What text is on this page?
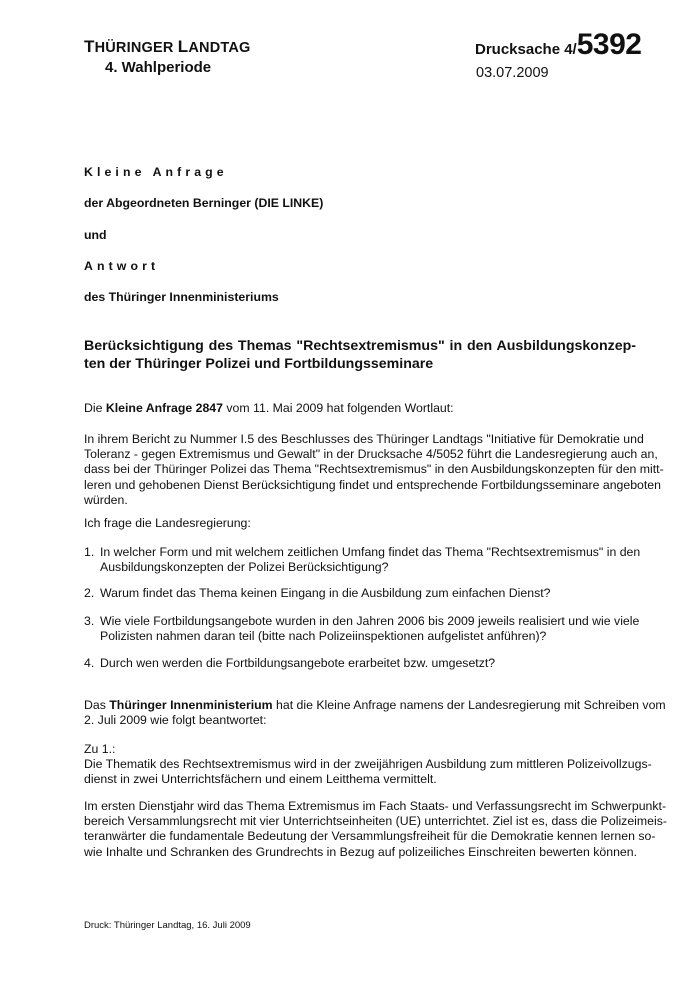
THÜRINGER LANDTAG
4. Wahlperiode
Drucksache 4/5392
03.07.2009
Kleine Anfrage
der Abgeordneten Berninger (DIE LINKE)
und
Antwort
des Thüringer Innenministeriums
Berücksichtigung des Themas "Rechtsextremismus" in den Ausbildungskonzep-
ten der Thüringer Polizei und Fortbildungsseminare
Die Kleine Anfrage 2847 vom 11. Mai 2009 hat folgenden Wortlaut:
In ihrem Bericht zu Nummer I.5 des Beschlusses des Thüringer Landtags "Initiative für Demokratie und
Toleranz - gegen Extremismus und Gewalt" in der Drucksache 4/5052 führt die Landesregierung auch an,
dass bei der Thüringer Polizei das Thema "Rechtsextremismus" in den Ausbildungskonzepten für den mitt-
leren und gehobenen Dienst Berücksichtigung findet und entsprechende Fortbildungsseminare angeboten
würden.
Ich frage die Landesregierung:
1. In welcher Form und mit welchem zeitlichen Umfang findet das Thema "Rechtsextremismus" in den
Ausbildungskonzepten der Polizei Berücksichtigung?
2. Warum findet das Thema keinen Eingang in die Ausbildung zum einfachen Dienst?
3. Wie viele Fortbildungsangebote wurden in den Jahren 2006 bis 2009 jeweils realisiert und wie viele
Polizisten nahmen daran teil (bitte nach Polizeiinspektionen aufgelistet anführen)?
4. Durch wen werden die Fortbildungsangebote erarbeitet bzw. umgesetzt?
Das Thüringer Innenministerium hat die Kleine Anfrage namens der Landesregierung mit Schreiben vom
2. Juli 2009 wie folgt beantwortet:
Zu 1.:
Die Thematik des Rechtsextremismus wird in der zweijährigen Ausbildung zum mittleren Polizeivollzugs-
dienst in zwei Unterrichtsfächern und einem Leitthema vermittelt.
Im ersten Dienstjahr wird das Thema Extremismus im Fach Staats- und Verfassungsrecht im Schwerpunkt-
bereich Versammlungsrecht mit vier Unterrichtseinheiten (UE) unterrichtet. Ziel ist es, dass die Polizeimeis-
teranwärter die fundamentale Bedeutung der Versammlungsfreiheit für die Demokratie kennen lernen so-
wie Inhalte und Schranken des Grundrechts in Bezug auf polizeiliches Einschreiten bewerten können.
Druck: Thüringer Landtag, 16. Juli 2009
